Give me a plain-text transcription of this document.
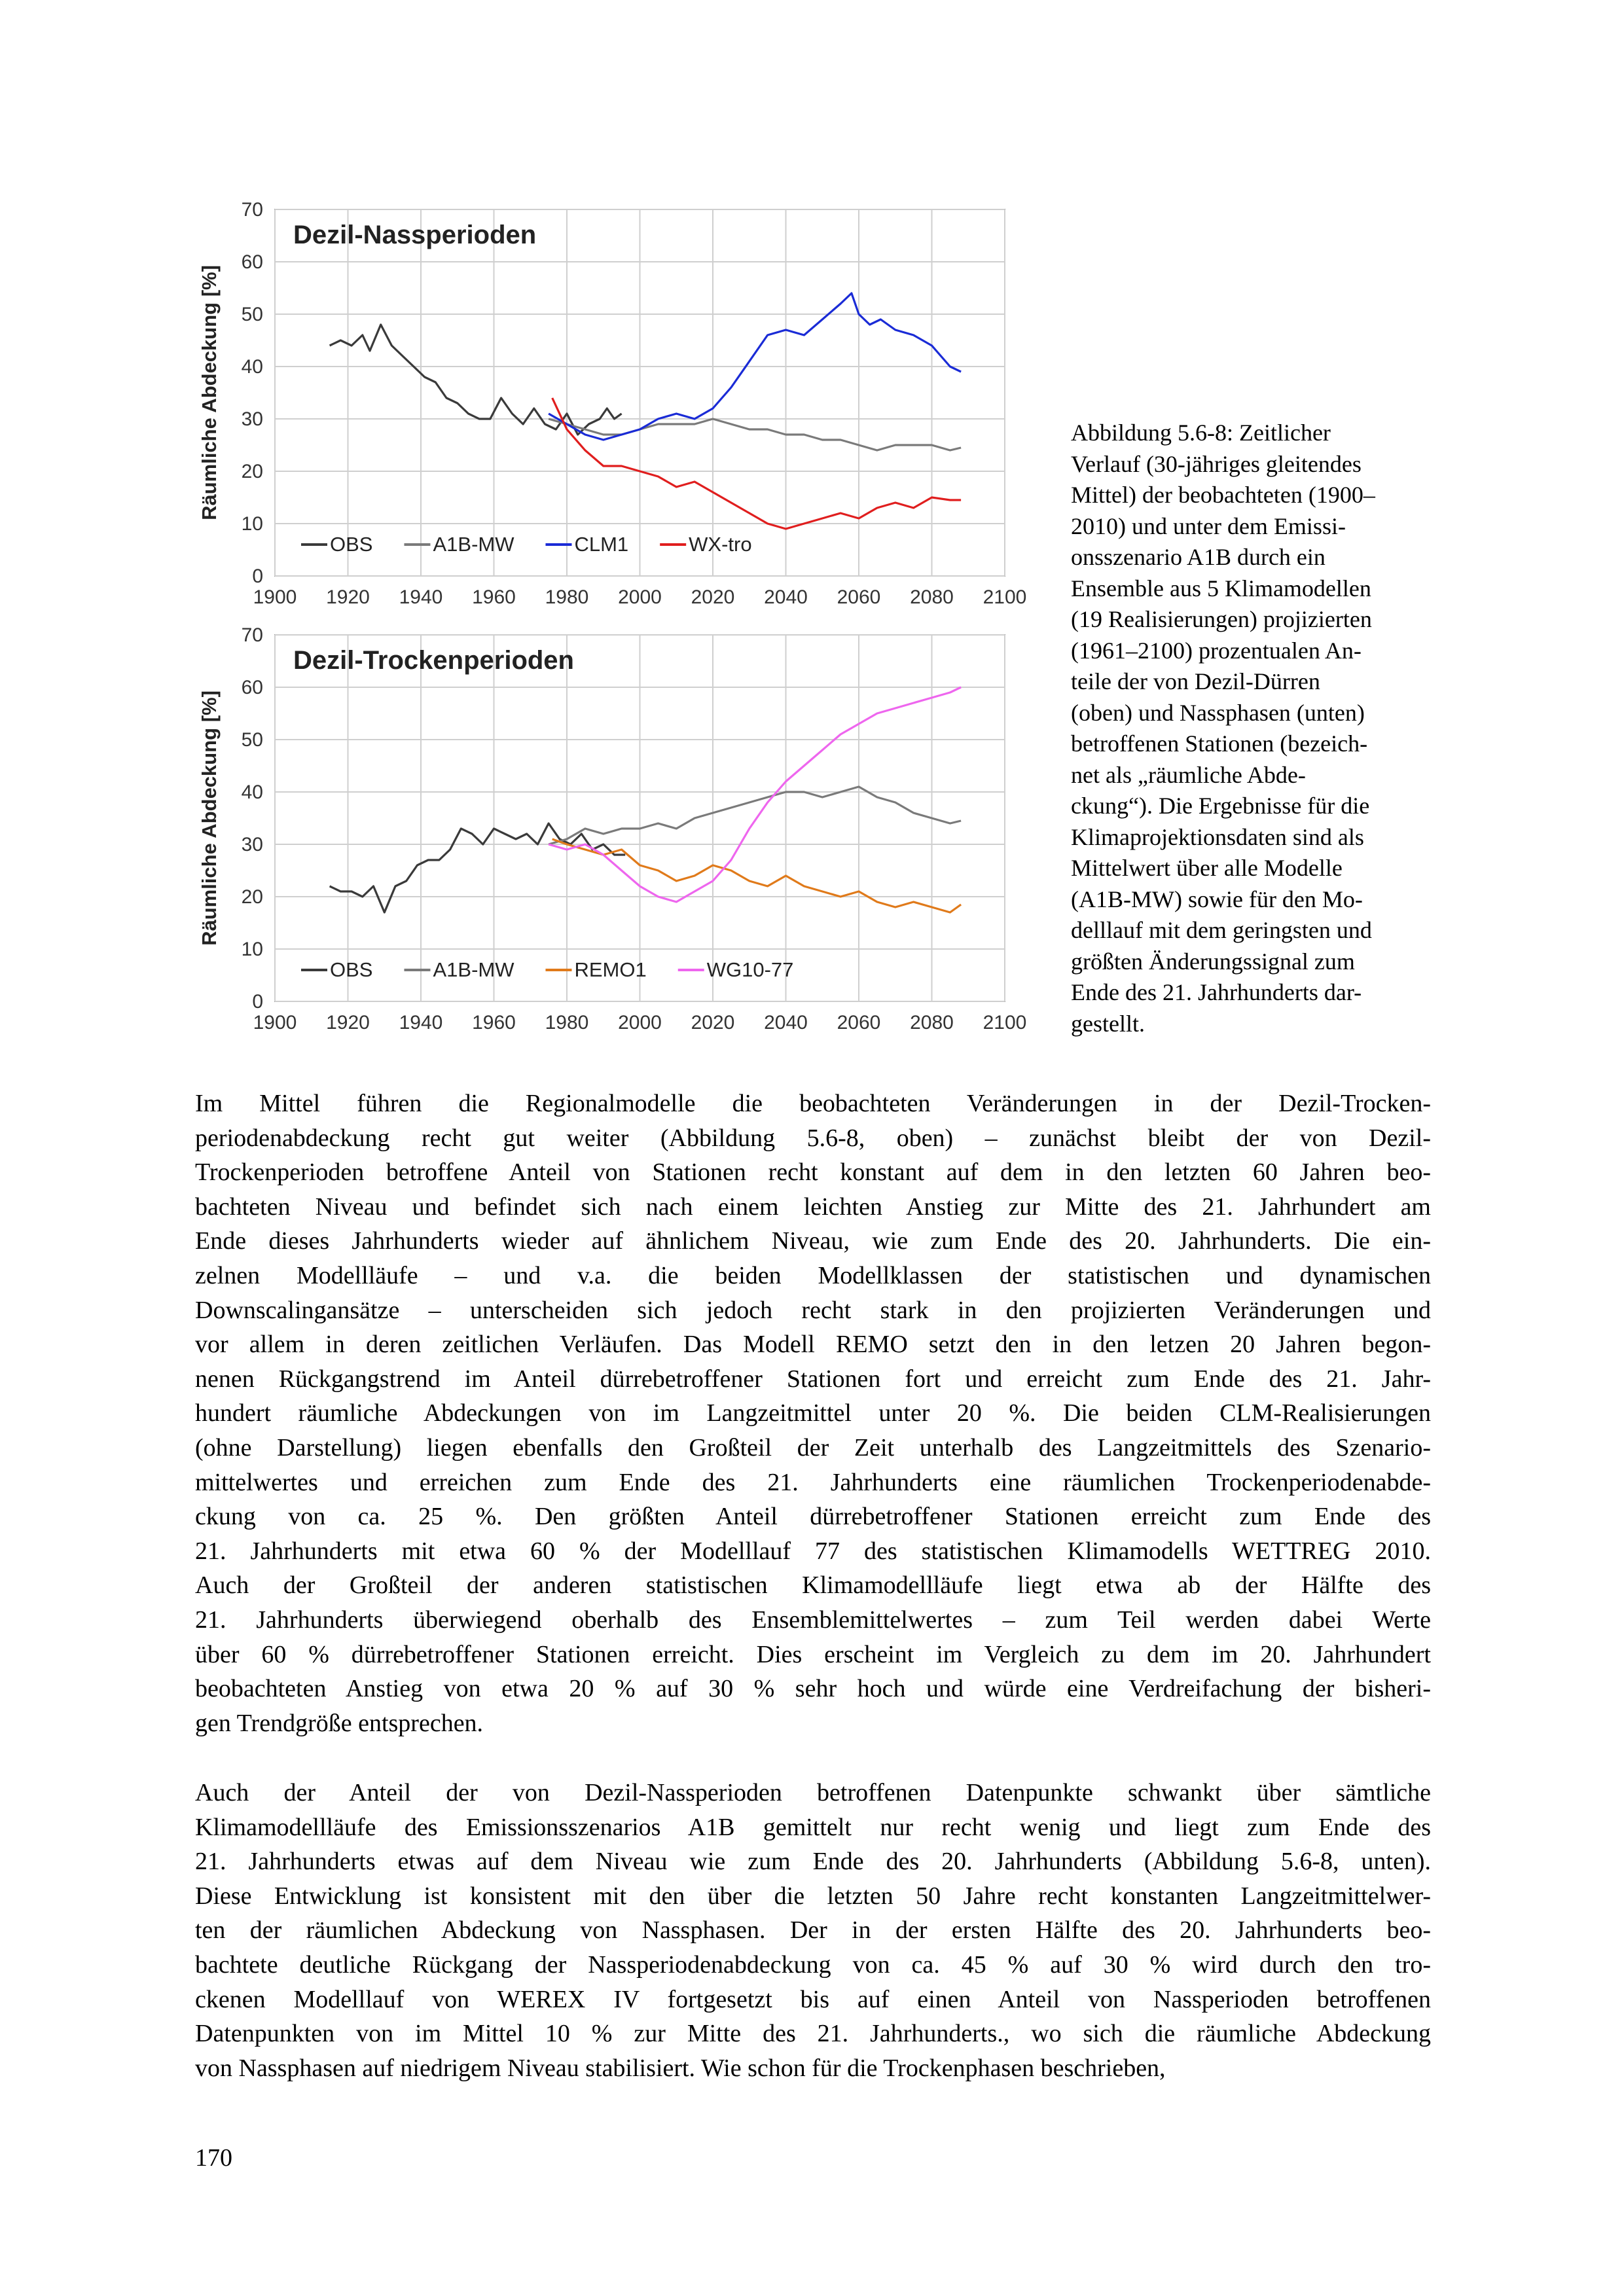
0
10
20
30
40
50
60
70
1900 1920 1940 1960 1980 2000 2020 2040 2060 2080 2100
Räumliche Abdeckung [%]
Dezil-Nassperioden
OBS	A1B-MW	CLM1	WX-tro
0
10
20
30
40
50
60
70
1900 1920 1940 1960 1980 2000 2020 2040 2060 2080 2100
Räumliche Abdeckung [%]
Dezil-Trockenperioden
OBS	A1B-MW	REMO1	WG10-77
Abbildung 5.6-8: Zeitlicher
Verlauf (30-jähriges gleitendes
Mittel) der beobachteten (1900–
2010) und unter dem Emissi-
onsszenario A1B durch ein
Ensemble aus 5 Klimamodellen
(19 Realisierungen) projizierten
(1961–2100) prozentualen An-
teile der von Dezil-Dürren
(oben) und Nassphasen (unten)
betroffenen Stationen (bezeich-
net als „räumliche Abde-
ckung“). Die Ergebnisse für die
Klimaprojektionsdaten sind als
Mittelwert über alle Modelle
(A1B-MW) sowie für den Mo-
delllauf mit dem geringsten und
größten Änderungssignal zum
Ende des 21. Jahrhunderts dar-
gestellt.
Im Mittel führen die Regionalmodelle die beobachteten Veränderungen in der Dezil-Trocken-
periodenabdeckung recht gut weiter (Abbildung 5.6-8, oben) – zunächst bleibt der von Dezil-
Trockenperioden betroffene Anteil von Stationen recht konstant auf dem in den letzten 60 Jahren beo-
bachteten Niveau und befindet sich nach einem leichten Anstieg zur Mitte des 21. Jahrhundert am
Ende dieses Jahrhunderts wieder auf ähnlichem Niveau, wie zum Ende des 20. Jahrhunderts. Die ein-
zelnen Modellläufe – und v.a. die beiden Modellklassen der statistischen und dynamischen
Downscalingansätze – unterscheiden sich jedoch recht stark in den projizierten Veränderungen und
vor allem in deren zeitlichen Verläufen. Das Modell REMO setzt den in den letzen 20 Jahren begon-
nenen Rückgangstrend im Anteil dürrebetroffener Stationen fort und erreicht zum Ende des 21. Jahr-
hundert räumliche Abdeckungen von im Langzeitmittel unter 20 %. Die beiden CLM-Realisierungen
(ohne Darstellung) liegen ebenfalls den Großteil der Zeit unterhalb des Langzeitmittels des Szenario-
mittelwertes und erreichen zum Ende des 21. Jahrhunderts eine räumlichen Trockenperiodenabde-
ckung von ca. 25 %. Den größten Anteil dürrebetroffener Stationen erreicht zum Ende des
21. Jahrhunderts mit etwa 60 % der Modelllauf 77 des statistischen Klimamodells WETTREG 2010.
Auch der Großteil der anderen statistischen Klimamodellläufe liegt etwa ab der Hälfte des
21. Jahrhunderts überwiegend oberhalb des Ensemblemittelwertes – zum Teil werden dabei Werte
über 60 % dürrebetroffener Stationen erreicht. Dies erscheint im Vergleich zu dem im 20. Jahrhundert
beobachteten Anstieg von etwa 20 % auf 30 % sehr hoch und würde eine Verdreifachung der bisheri-
gen Trendgröße entsprechen.
Auch der Anteil der von Dezil-Nassperioden betroffenen Datenpunkte schwankt über sämtliche
Klimamodellläufe des Emissionsszenarios A1B gemittelt nur recht wenig und liegt zum Ende des
21. Jahrhunderts etwas auf dem Niveau wie zum Ende des 20. Jahrhunderts (Abbildung 5.6-8, unten).
Diese Entwicklung ist konsistent mit den über die letzten 50 Jahre recht konstanten Langzeitmittelwer-
ten der räumlichen Abdeckung von Nassphasen. Der in der ersten Hälfte des 20. Jahrhunderts beo-
bachtete deutliche Rückgang der Nassperiodenabdeckung von ca. 45 % auf 30 % wird durch den tro-
ckenen Modelllauf von WEREX IV fortgesetzt bis auf einen Anteil von Nassperioden betroffenen
Datenpunkten von im Mittel 10 % zur Mitte des 21. Jahrhunderts., wo sich die räumliche Abdeckung
von Nassphasen auf niedrigem Niveau stabilisiert. Wie schon für die Trockenphasen beschrieben,
170
